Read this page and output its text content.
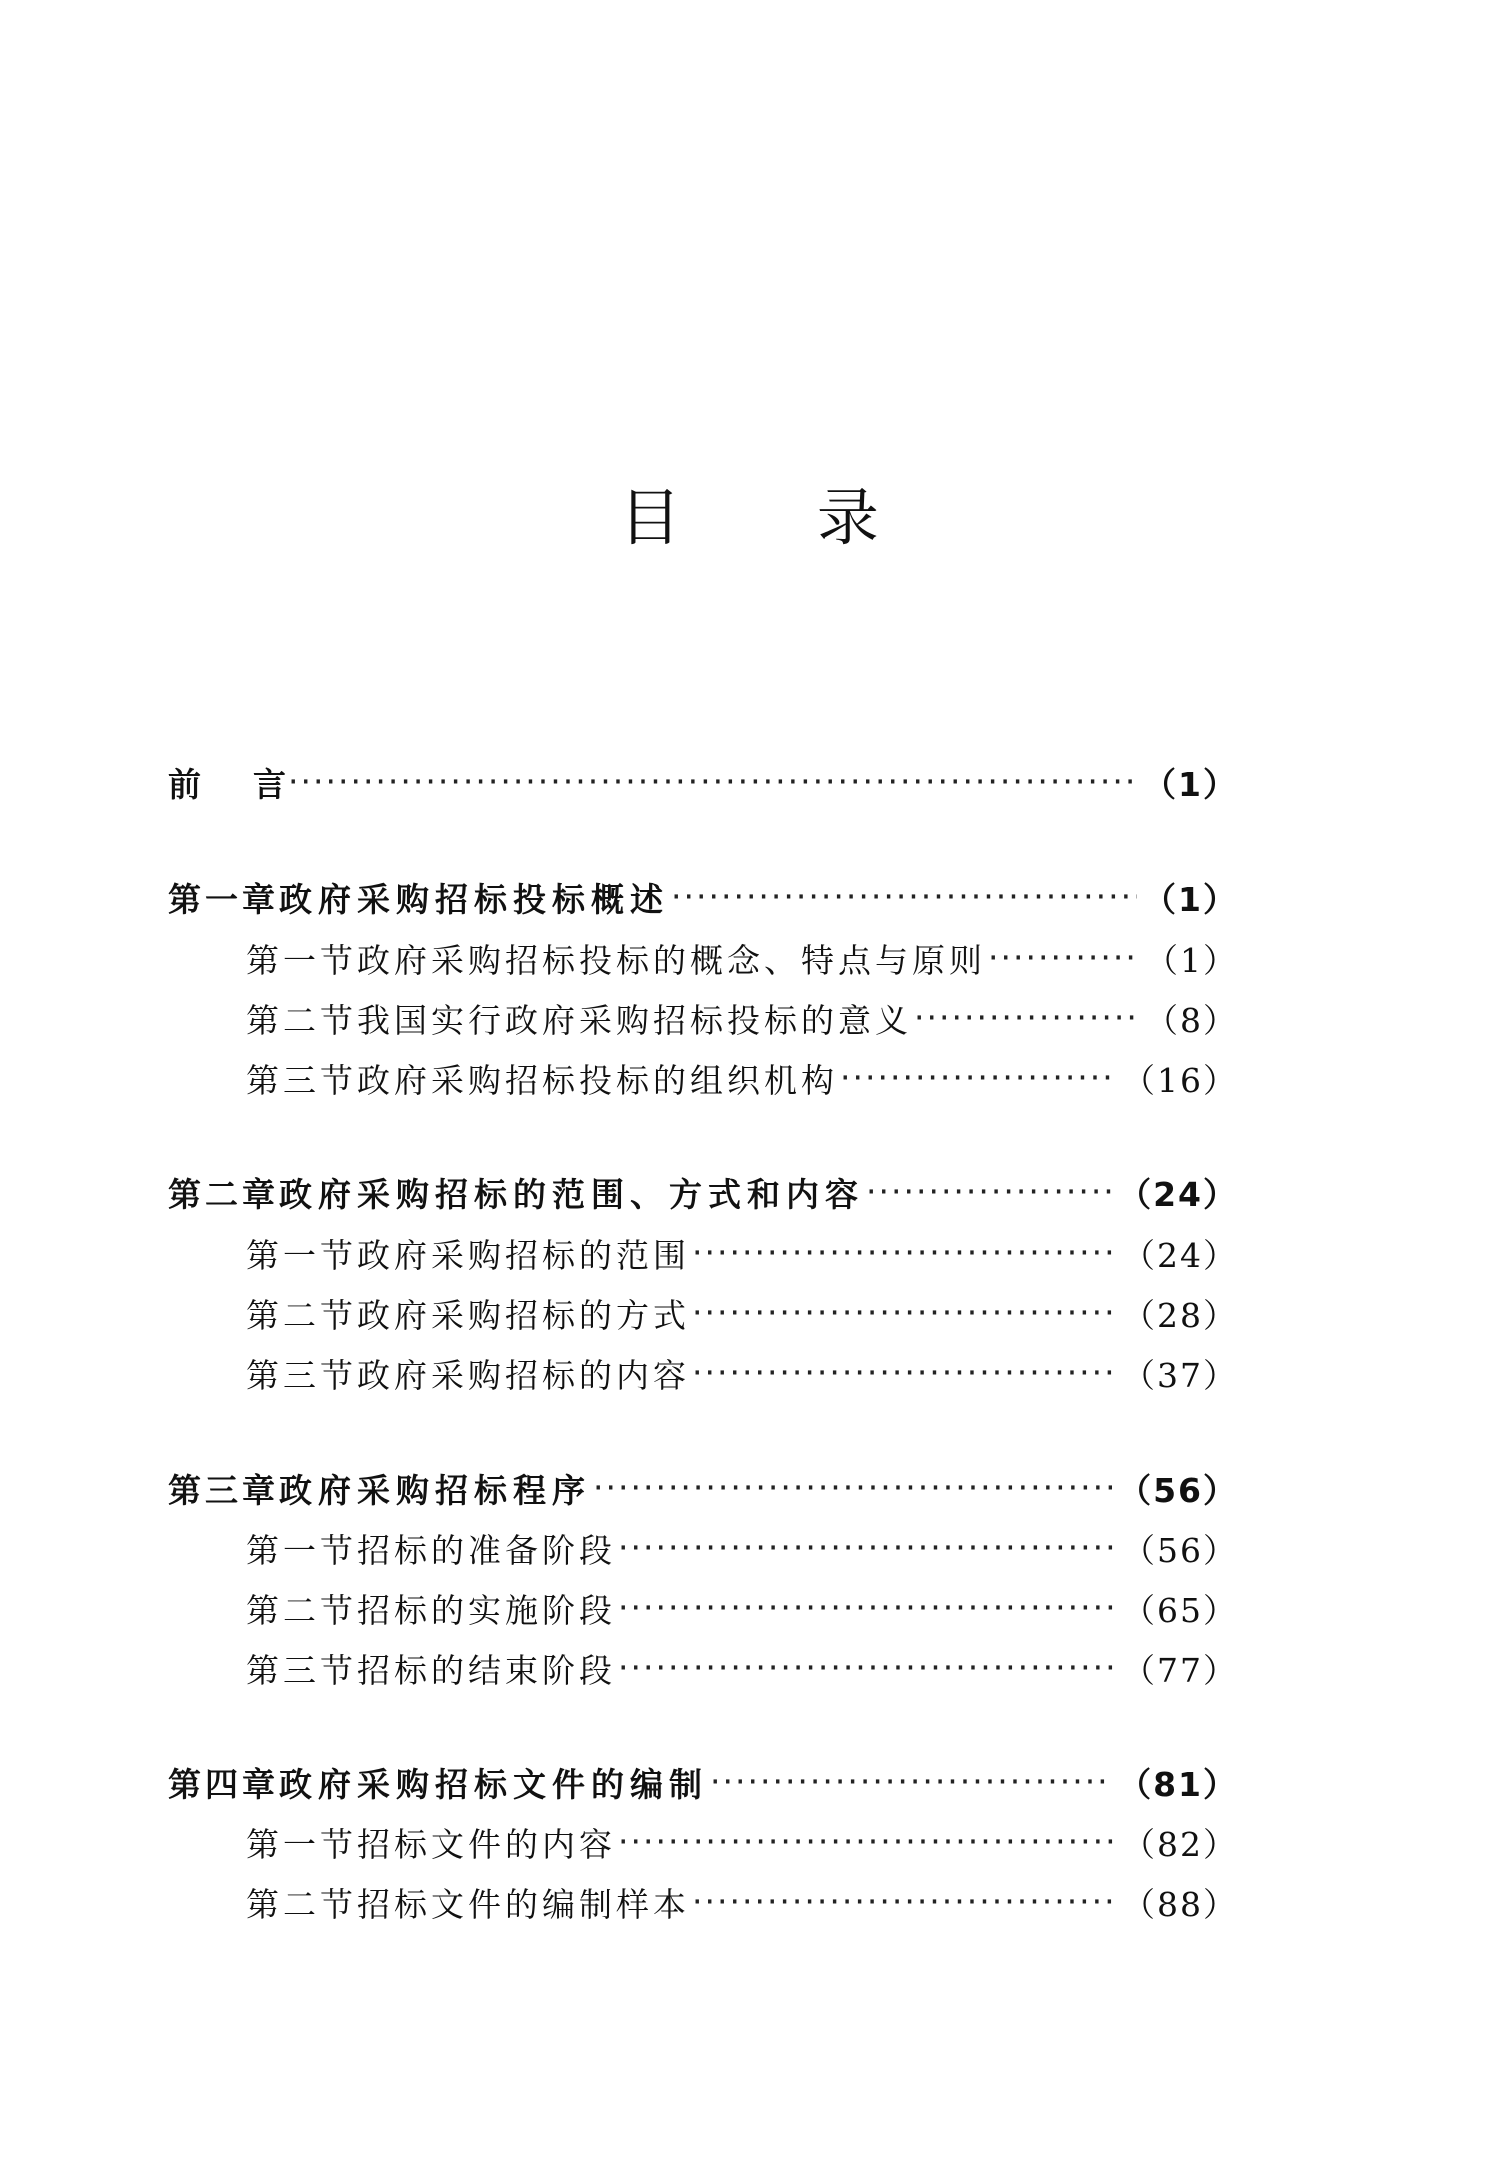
目 录
前言 ·····	（1）
第一章 政府采购招标投标概述 ·····	（1）
第一节 政府采购招标投标的概念、特点与原则 ·····	（1）
第二节 我国实行政府采购招标投标的意义 ·····	（8）
第三节 政府采购招标投标的组织机构 ·····	（16）
第二章 政府采购招标的范围、方式和内容 ·····	（24）
第一节 政府采购招标的范围 ·····	（24）
第二节 政府采购招标的方式 ·····	（28）
第三节 政府采购招标的内容 ·····	（37）
第三章 政府采购招标程序 ·····	（56）
第一节 招标的准备阶段 ·····	（56）
第二节 招标的实施阶段 ·····	（65）
第三节 招标的结束阶段 ·····	（77）
第四章 政府采购招标文件的编制 ·····	（81）
第一节 招标文件的内容 ·····	（82）
第二节 招标文件的编制样本 ·····	（88）
